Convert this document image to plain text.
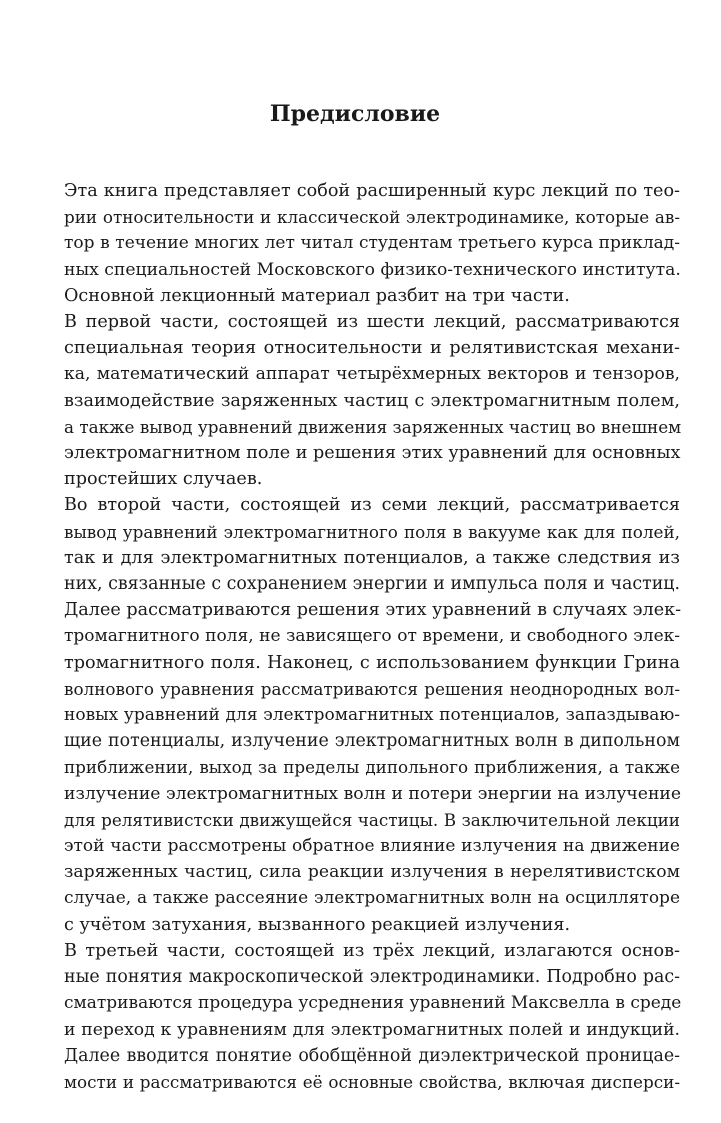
Предисловие

Эта книга представляет собой расширенный курс лекций по тео-
рии относительности и классической электродинамике, которые ав-
тор в течение многих лет читал студентам третьего курса приклад-
ных специальностей Московского физико-технического института.
Основной лекционный материал разбит на три части.

В первой части, состоящей из шести лекций, рассматриваются
специальная теория относительности и релятивистская механи-
ка, математический аппарат четырёхмерных векторов и тензоров,
взаимодействие заряженных частиц с электромагнитным полем,
а также вывод уравнений движения заряженных частиц во внешнем
электромагнитном поле и решения этих уравнений для основных
простейших случаев.

Во второй части, состоящей из семи лекций, рассматривается
вывод уравнений электромагнитного поля в вакууме как для полей,
так и для электромагнитных потенциалов, а также следствия из
них, связанные с сохранением энергии и импульса поля и частиц.
Далее рассматриваются решения этих уравнений в случаях элек-
тромагнитного поля, не зависящего от времени, и свободного элек-
тромагнитного поля. Наконец, с использованием функции Грина
волнового уравнения рассматриваются решения неоднородных вол-
новых уравнений для электромагнитных потенциалов, запаздываю-
щие потенциалы, излучение электромагнитных волн в дипольном
приближении, выход за пределы дипольного приближения, а также
излучение электромагнитных волн и потери энергии на излучение
для релятивистски движущейся частицы. В заключительной лекции
этой части рассмотрены обратное влияние излучения на движение
заряженных частиц, сила реакции излучения в нерелятивистском
случае, а также рассеяние электромагнитных волн на осцилляторе
с учётом затухания, вызванного реакцией излучения.

В третьей части, состоящей из трёх лекций, излагаются основ-
ные понятия макроскопической электродинамики. Подробно рас-
сматриваются процедура усреднения уравнений Максвелла в среде
и переход к уравнениям для электромагнитных полей и индукций.
Далее вводится понятие обобщённой диэлектрической проницае-
мости и рассматриваются её основные свойства, включая дисперси-
